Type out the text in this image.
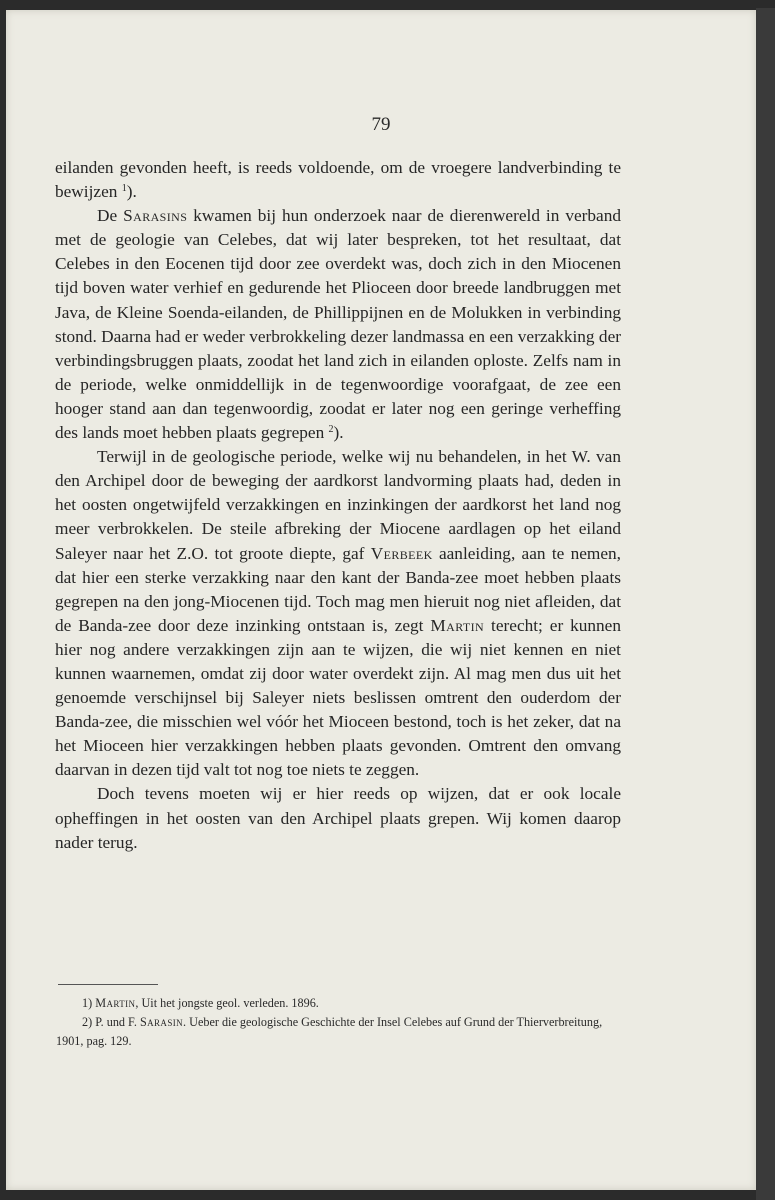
79

eilanden gevonden heeft, is reeds voldoende, om de vroegere landverbinding te bewijzen $^1$).

De Sarasins kwamen bij hun onderzoek naar de dierenwereld in verband met de geologie van Celebes, dat wij later bespreken, tot het resultaat, dat Celebes in den Eocenen tijd door zee overdekt was, doch zich in den Miocenen tijd boven water verhief en gedurende het Plioceen door breede landbruggen met Java, de Kleine Soenda-eilanden, de Phillippijnen en de Molukken in verbinding stond. Daarna had er weder verbrokkeling dezer landmassa en een verzakking der verbindingsbruggen plaats, zoodat het land zich in eilanden oploste. Zelfs nam in de periode, welke onmiddellijk in de tegenwoordige voorafgaat, de zee een hooger stand aan dan tegenwoordig, zoodat er later nog een geringe verheffing des lands moet hebben plaats gegrepen $^2$).

Terwijl in de geologische periode, welke wij nu behandelen, in het W. van den Archipel door de beweging der aardkorst landvorming plaats had, deden in het oosten ongetwijfeld verzakkingen en inzinkingen der aardkorst het land nog meer verbrokkelen. De steile afbreking der Miocene aardlagen op het eiland Saleyer naar het Z.O. tot groote diepte, gaf Verbeek aanleiding, aan te nemen, dat hier een sterke verzakking naar den kant der Banda-zee moet hebben plaats gegrepen na den jong-Miocenen tijd. Toch mag men hieruit nog niet afleiden, dat de Banda-zee door deze inzinking ontstaan is, zegt Martin terecht; er kunnen hier nog andere verzakkingen zijn aan te wijzen, die wij niet kennen en niet kunnen waarnemen, omdat zij door water overdekt zijn. Al mag men dus uit het genoemde verschijnsel bij Saleyer niets beslissen omtrent den ouderdom der Banda-zee, die misschien wel vóór het Mioceen bestond, toch is het zeker, dat na het Mioceen hier verzakkingen hebben plaats gevonden. Omtrent den omvang daarvan in dezen tijd valt tot nog toe niets te zeggen.

Doch tevens moeten wij er hier reeds op wijzen, dat er ook locale opheffingen in het oosten van den Archipel plaats grepen. Wij komen daarop nader terug.

1) Martin, Uit het jongste geol. verleden. 1896.

2) P. und F. Sarasin. Ueber die geologische Geschichte der Insel Celebes auf Grund der Thierverbreitung, 1901, pag. 129.
